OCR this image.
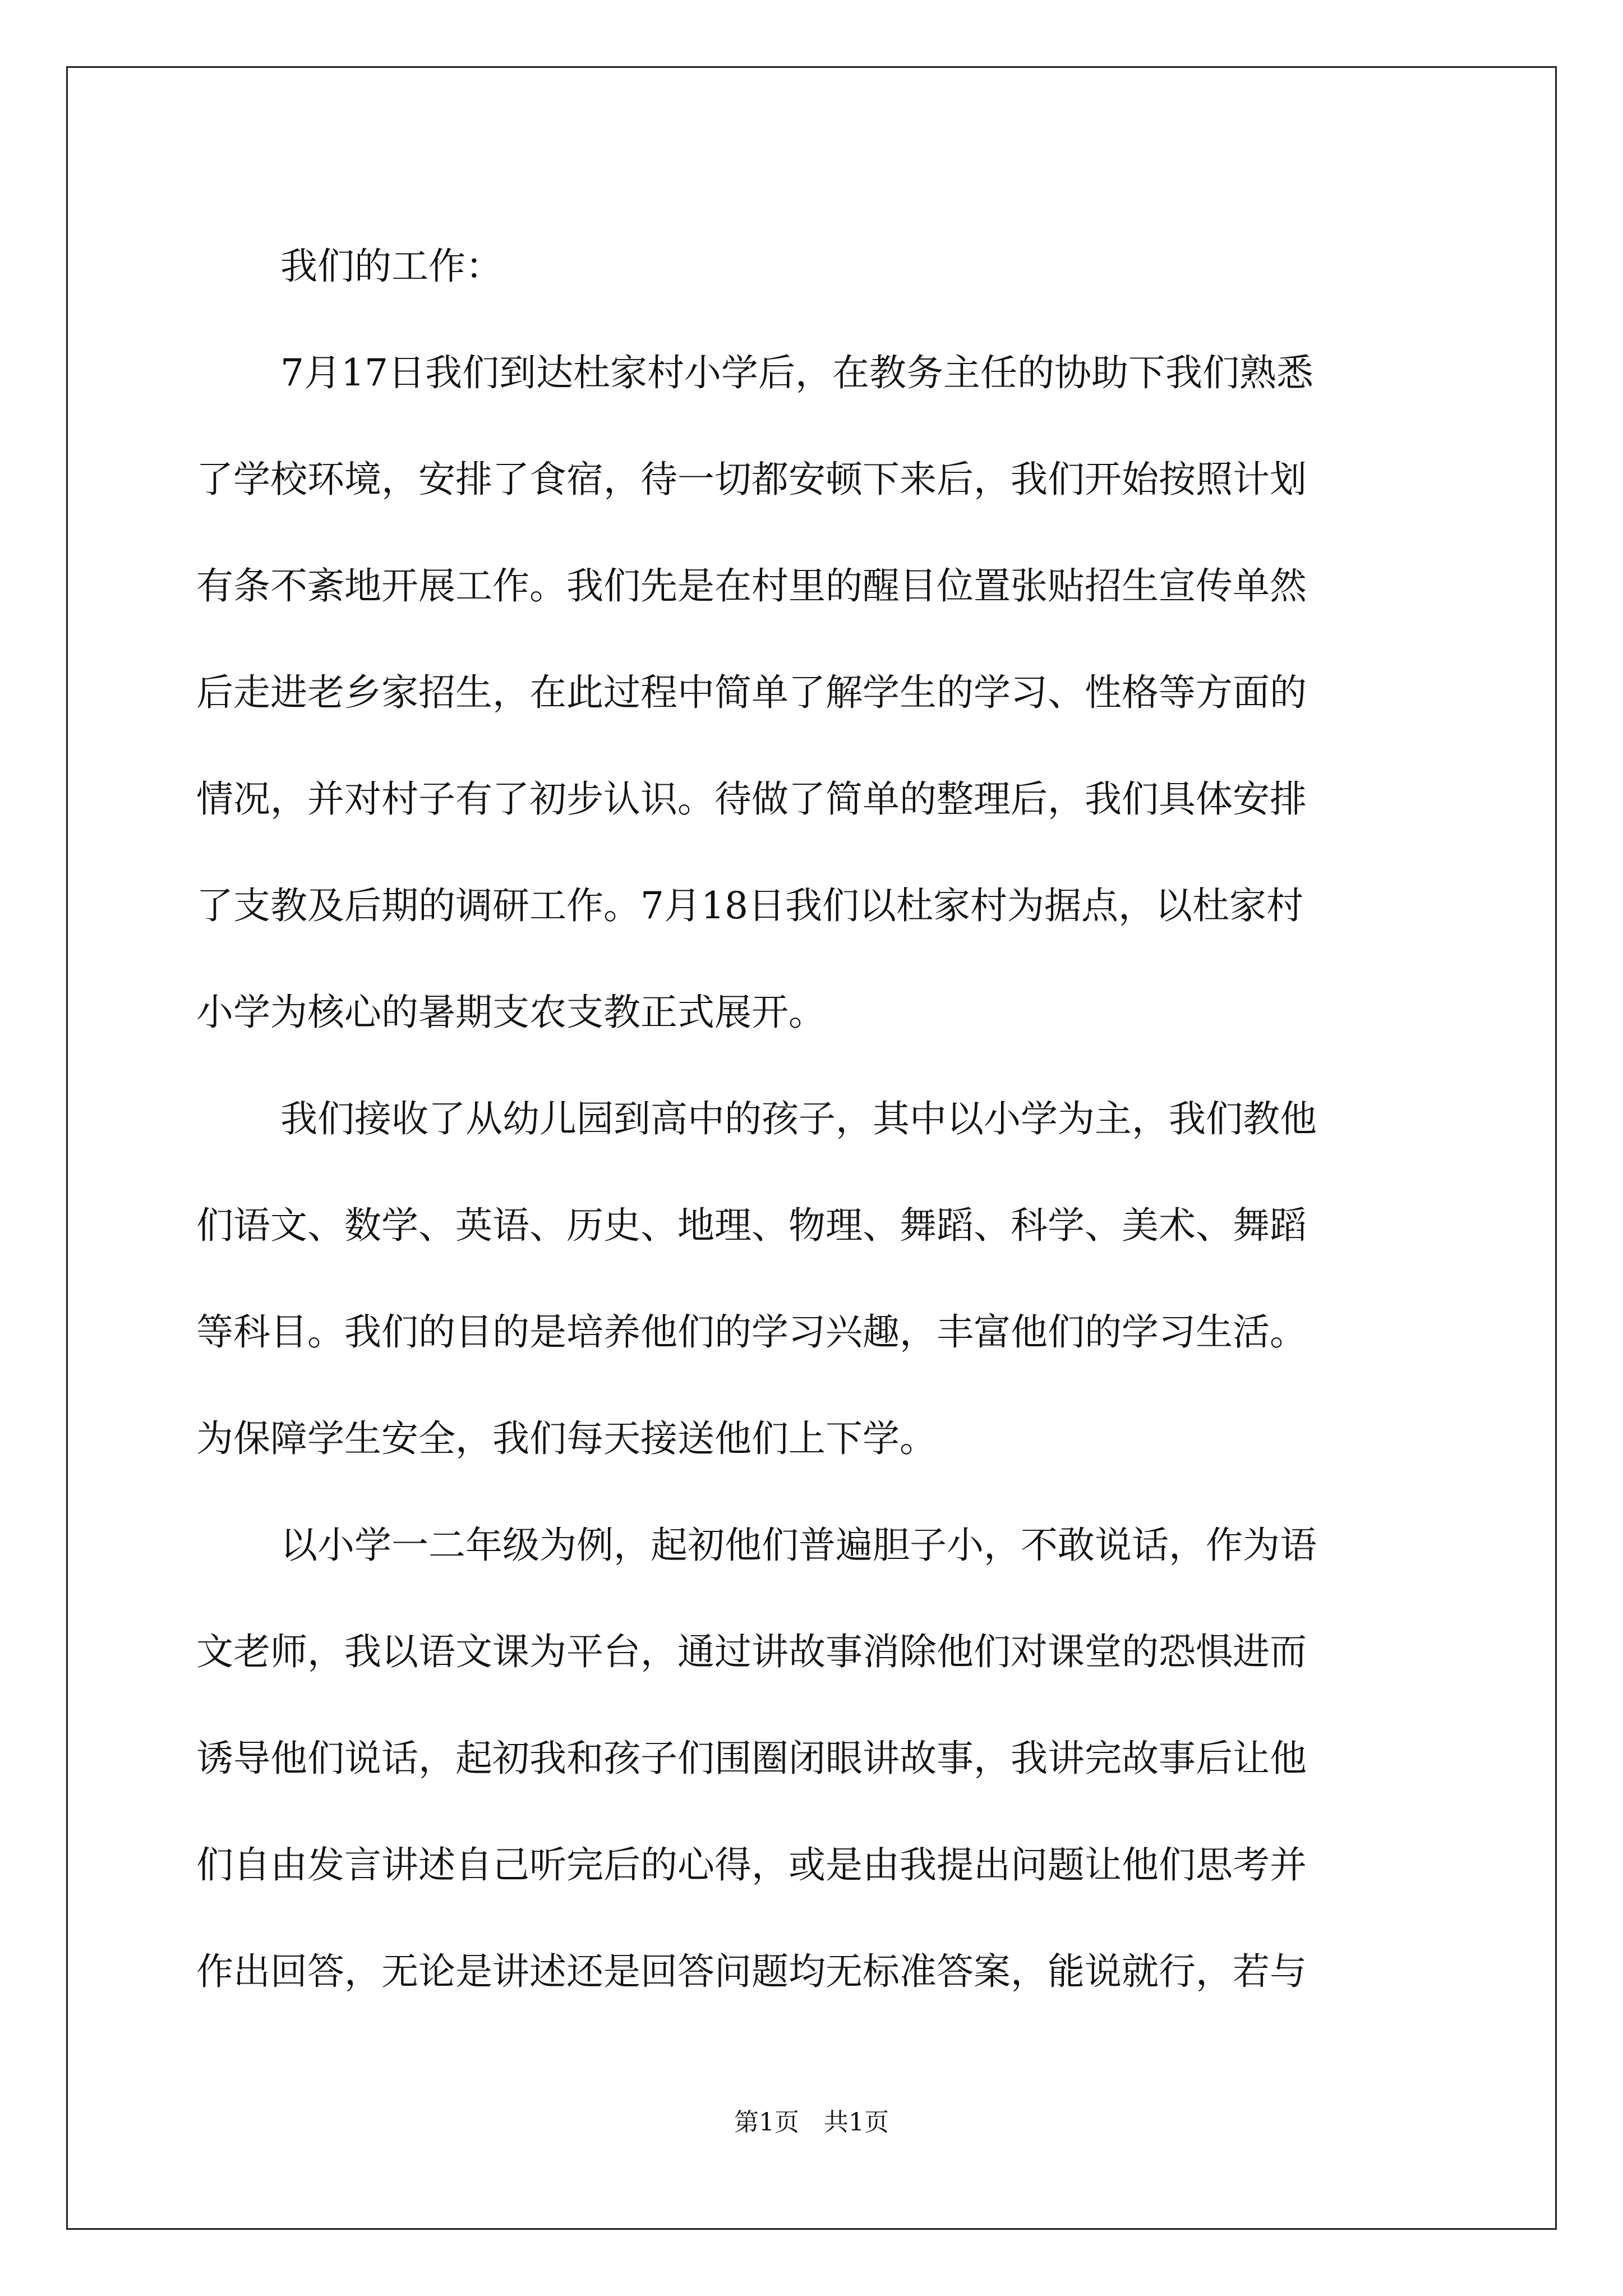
我们的工作：
7月17日我们到达杜家村小学后，在教务主任的协助下我们熟悉
了学校环境，安排了食宿，待一切都安顿下来后，我们开始按照计划
有条不紊地开展工作。我们先是在村里的醒目位置张贴招生宣传单然
后走进老乡家招生，在此过程中简单了解学生的学习、性格等方面的
情况，并对村子有了初步认识。待做了简单的整理后，我们具体安排
了支教及后期的调研工作。7月18日我们以杜家村为据点，以杜家村
小学为核心的暑期支农支教正式展开。
我们接收了从幼儿园到高中的孩子，其中以小学为主，我们教他
们语文、数学、英语、历史、地理、物理、舞蹈、科学、美术、舞蹈
等科目。我们的目的是培养他们的学习兴趣，丰富他们的学习生活。
为保障学生安全，我们每天接送他们上下学。
以小学一二年级为例，起初他们普遍胆子小，不敢说话，作为语
文老师，我以语文课为平台，通过讲故事消除他们对课堂的恐惧进而
诱导他们说话，起初我和孩子们围圈闭眼讲故事，我讲完故事后让他
们自由发言讲述自己听完后的心得，或是由我提出问题让他们思考并
作出回答，无论是讲述还是回答问题均无标准答案，能说就行，若与
第1页　共1页
